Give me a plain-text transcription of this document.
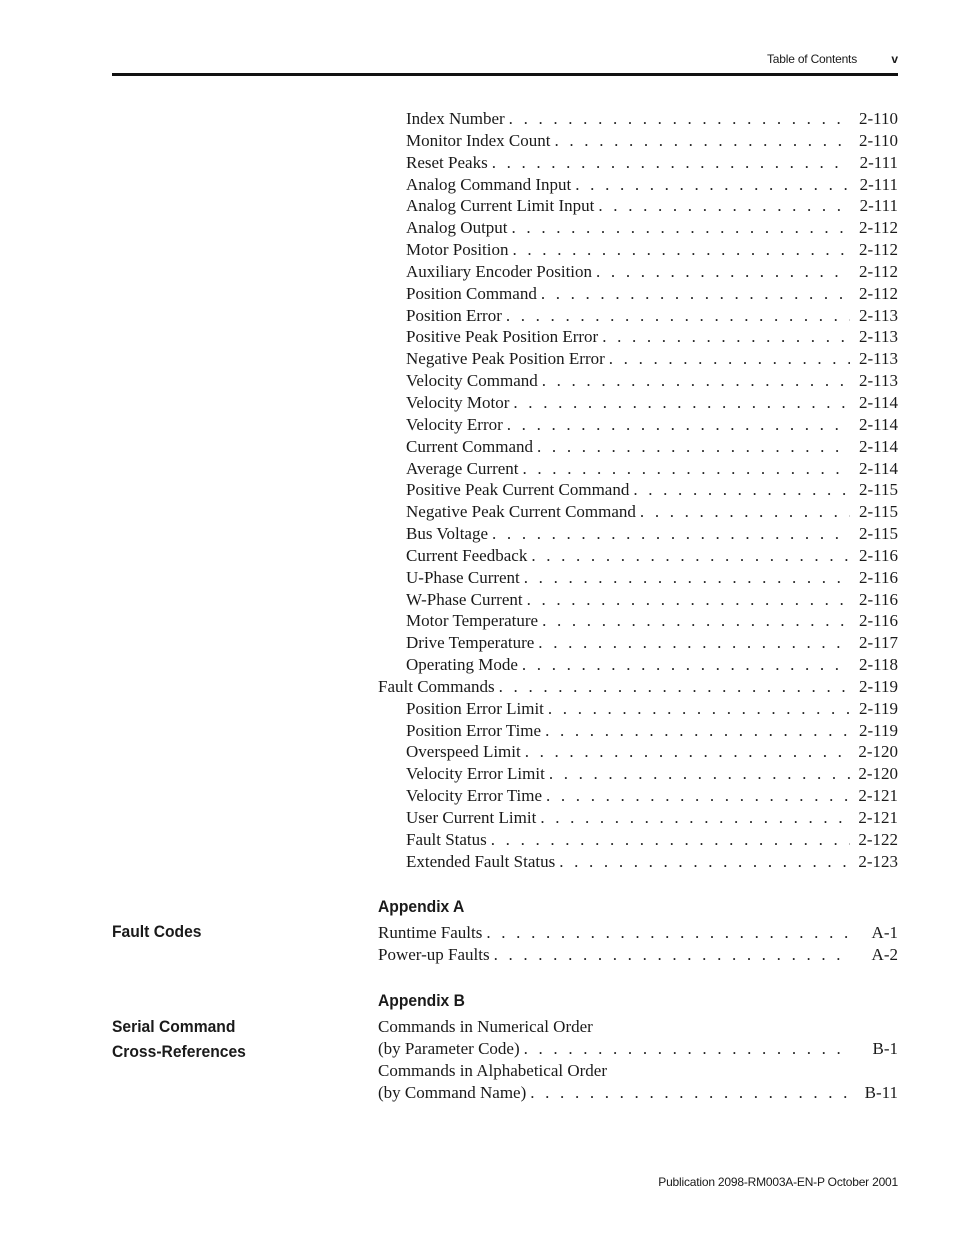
Table of Contents	v
Index Number . . .	2-110
Monitor Index Count . . .	2-110
Reset Peaks . . .	2-111
Analog Command Input . . .	2-111
Analog Current Limit Input . . .	2-111
Analog Output . . .	2-112
Motor Position . . .	2-112
Auxiliary Encoder Position . . .	2-112
Position Command . . .	2-112
Position Error . . .	2-113
Positive Peak Position Error . . .	2-113
Negative Peak Position Error . . .	2-113
Velocity Command . . .	2-113
Velocity Motor . . .	2-114
Velocity Error . . .	2-114
Current Command . . .	2-114
Average Current . . .	2-114
Positive Peak Current Command . . .	2-115
Negative Peak Current Command . . .	2-115
Bus Voltage . . .	2-115
Current Feedback . . .	2-116
U-Phase Current . . .	2-116
W-Phase Current . . .	2-116
Motor Temperature . . .	2-116
Drive Temperature . . .	2-117
Operating Mode . . .	2-118
Fault Commands . . .	2-119
Position Error Limit . . .	2-119
Position Error Time . . .	2-119
Overspeed Limit . . .	2-120
Velocity Error Limit . . .	2-120
Velocity Error Time . . .	2-121
User Current Limit . . .	2-121
Fault Status . . .	2-122
Extended Fault Status . . .	2-123
Fault Codes
Appendix A
Runtime Faults . . .	A-1
Power-up Faults . . .	A-2
Serial Command
Cross-References
Appendix B
Commands in Numerical Order
(by Parameter Code) . . .	B-1
Commands in Alphabetical Order
(by Command Name) . . .	B-11
Publication 2098-RM003A-EN-P October 2001
